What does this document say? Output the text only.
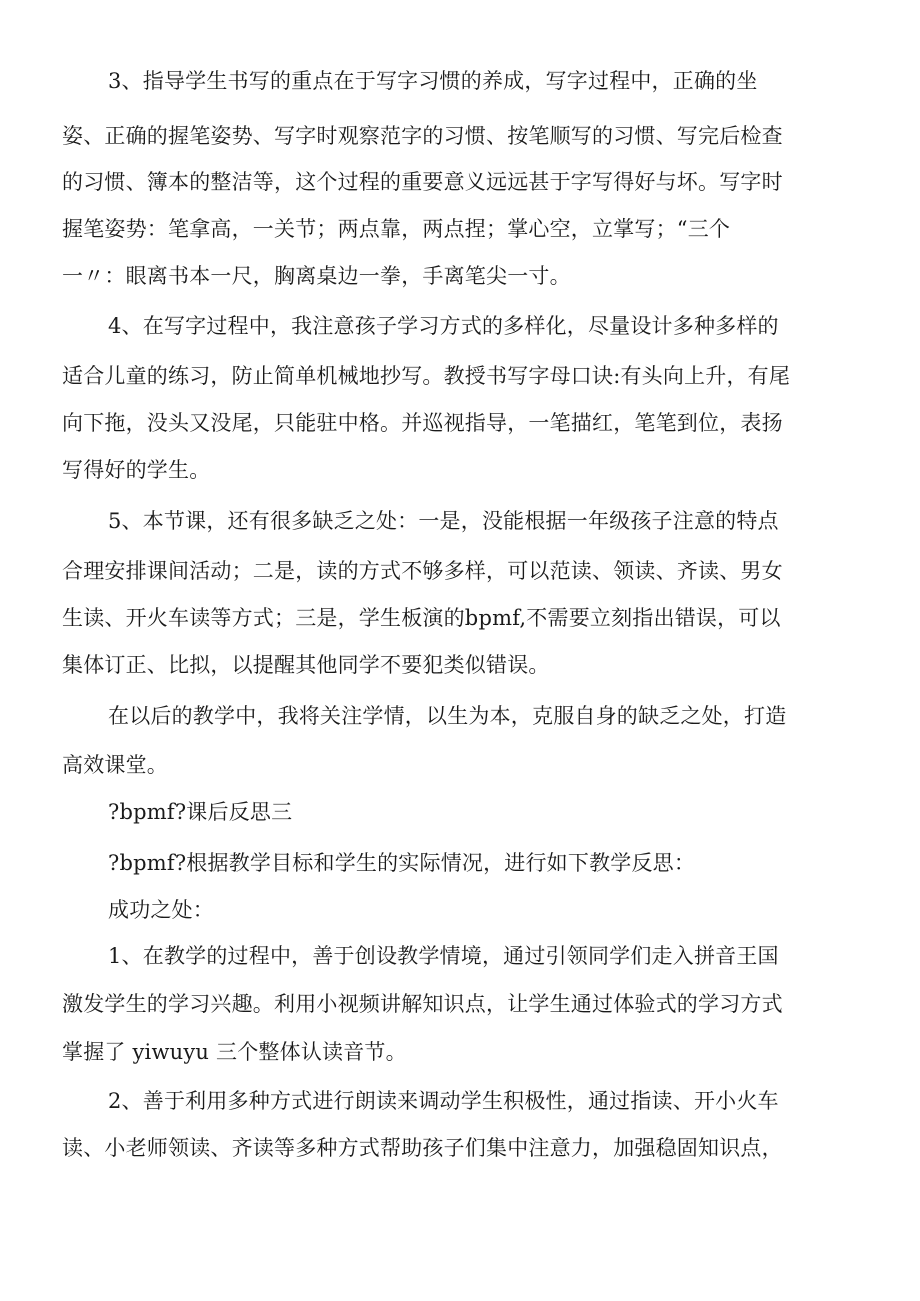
3、指导学生书写的重点在于写字习惯的养成，写字过程中，正确的坐
姿、正确的握笔姿势、写字时观察范字的习惯、按笔顺写的习惯、写完后检查
的习惯、簿本的整洁等，这个过程的重要意义远远甚于字写得好与坏。写字时
握笔姿势：笔拿高，一关节；两点靠，两点捏；掌心空，立掌写；“三个
一〃：眼离书本一尺，胸离桌边一拳，手离笔尖一寸。
4、在写字过程中，我注意孩子学习方式的多样化，尽量设计多种多样的
适合儿童的练习，防止简单机械地抄写。教授书写字母口诀:有头向上升，有尾
向下拖，没头又没尾，只能驻中格。并巡视指导，一笔描红，笔笔到位，表扬
写得好的学生。
5、本节课，还有很多缺乏之处：一是，没能根据一年级孩子注意的特点
合理安排课间活动；二是，读的方式不够多样，可以范读、领读、齐读、男女
生读、开火车读等方式；三是，学生板演的bpmf,不需要立刻指出错误，可以
集体订正、比拟，以提醒其他同学不要犯类似错误。
在以后的教学中，我将关注学情，以生为本，克服自身的缺乏之处，打造
高效课堂。
?bpmf?课后反思三
?bpmf?根据教学目标和学生的实际情况，进行如下教学反思：
成功之处：
1、在教学的过程中，善于创设教学情境，通过引领同学们走入拼音王国
激发学生的学习兴趣。利用小视频讲解知识点，让学生通过体验式的学习方式
掌握了 yiwuyu 三个整体认读音节。
2、善于利用多种方式进行朗读来调动学生积极性，通过指读、开小火车
读、小老师领读、齐读等多种方式帮助孩子们集中注意力，加强稳固知识点，
